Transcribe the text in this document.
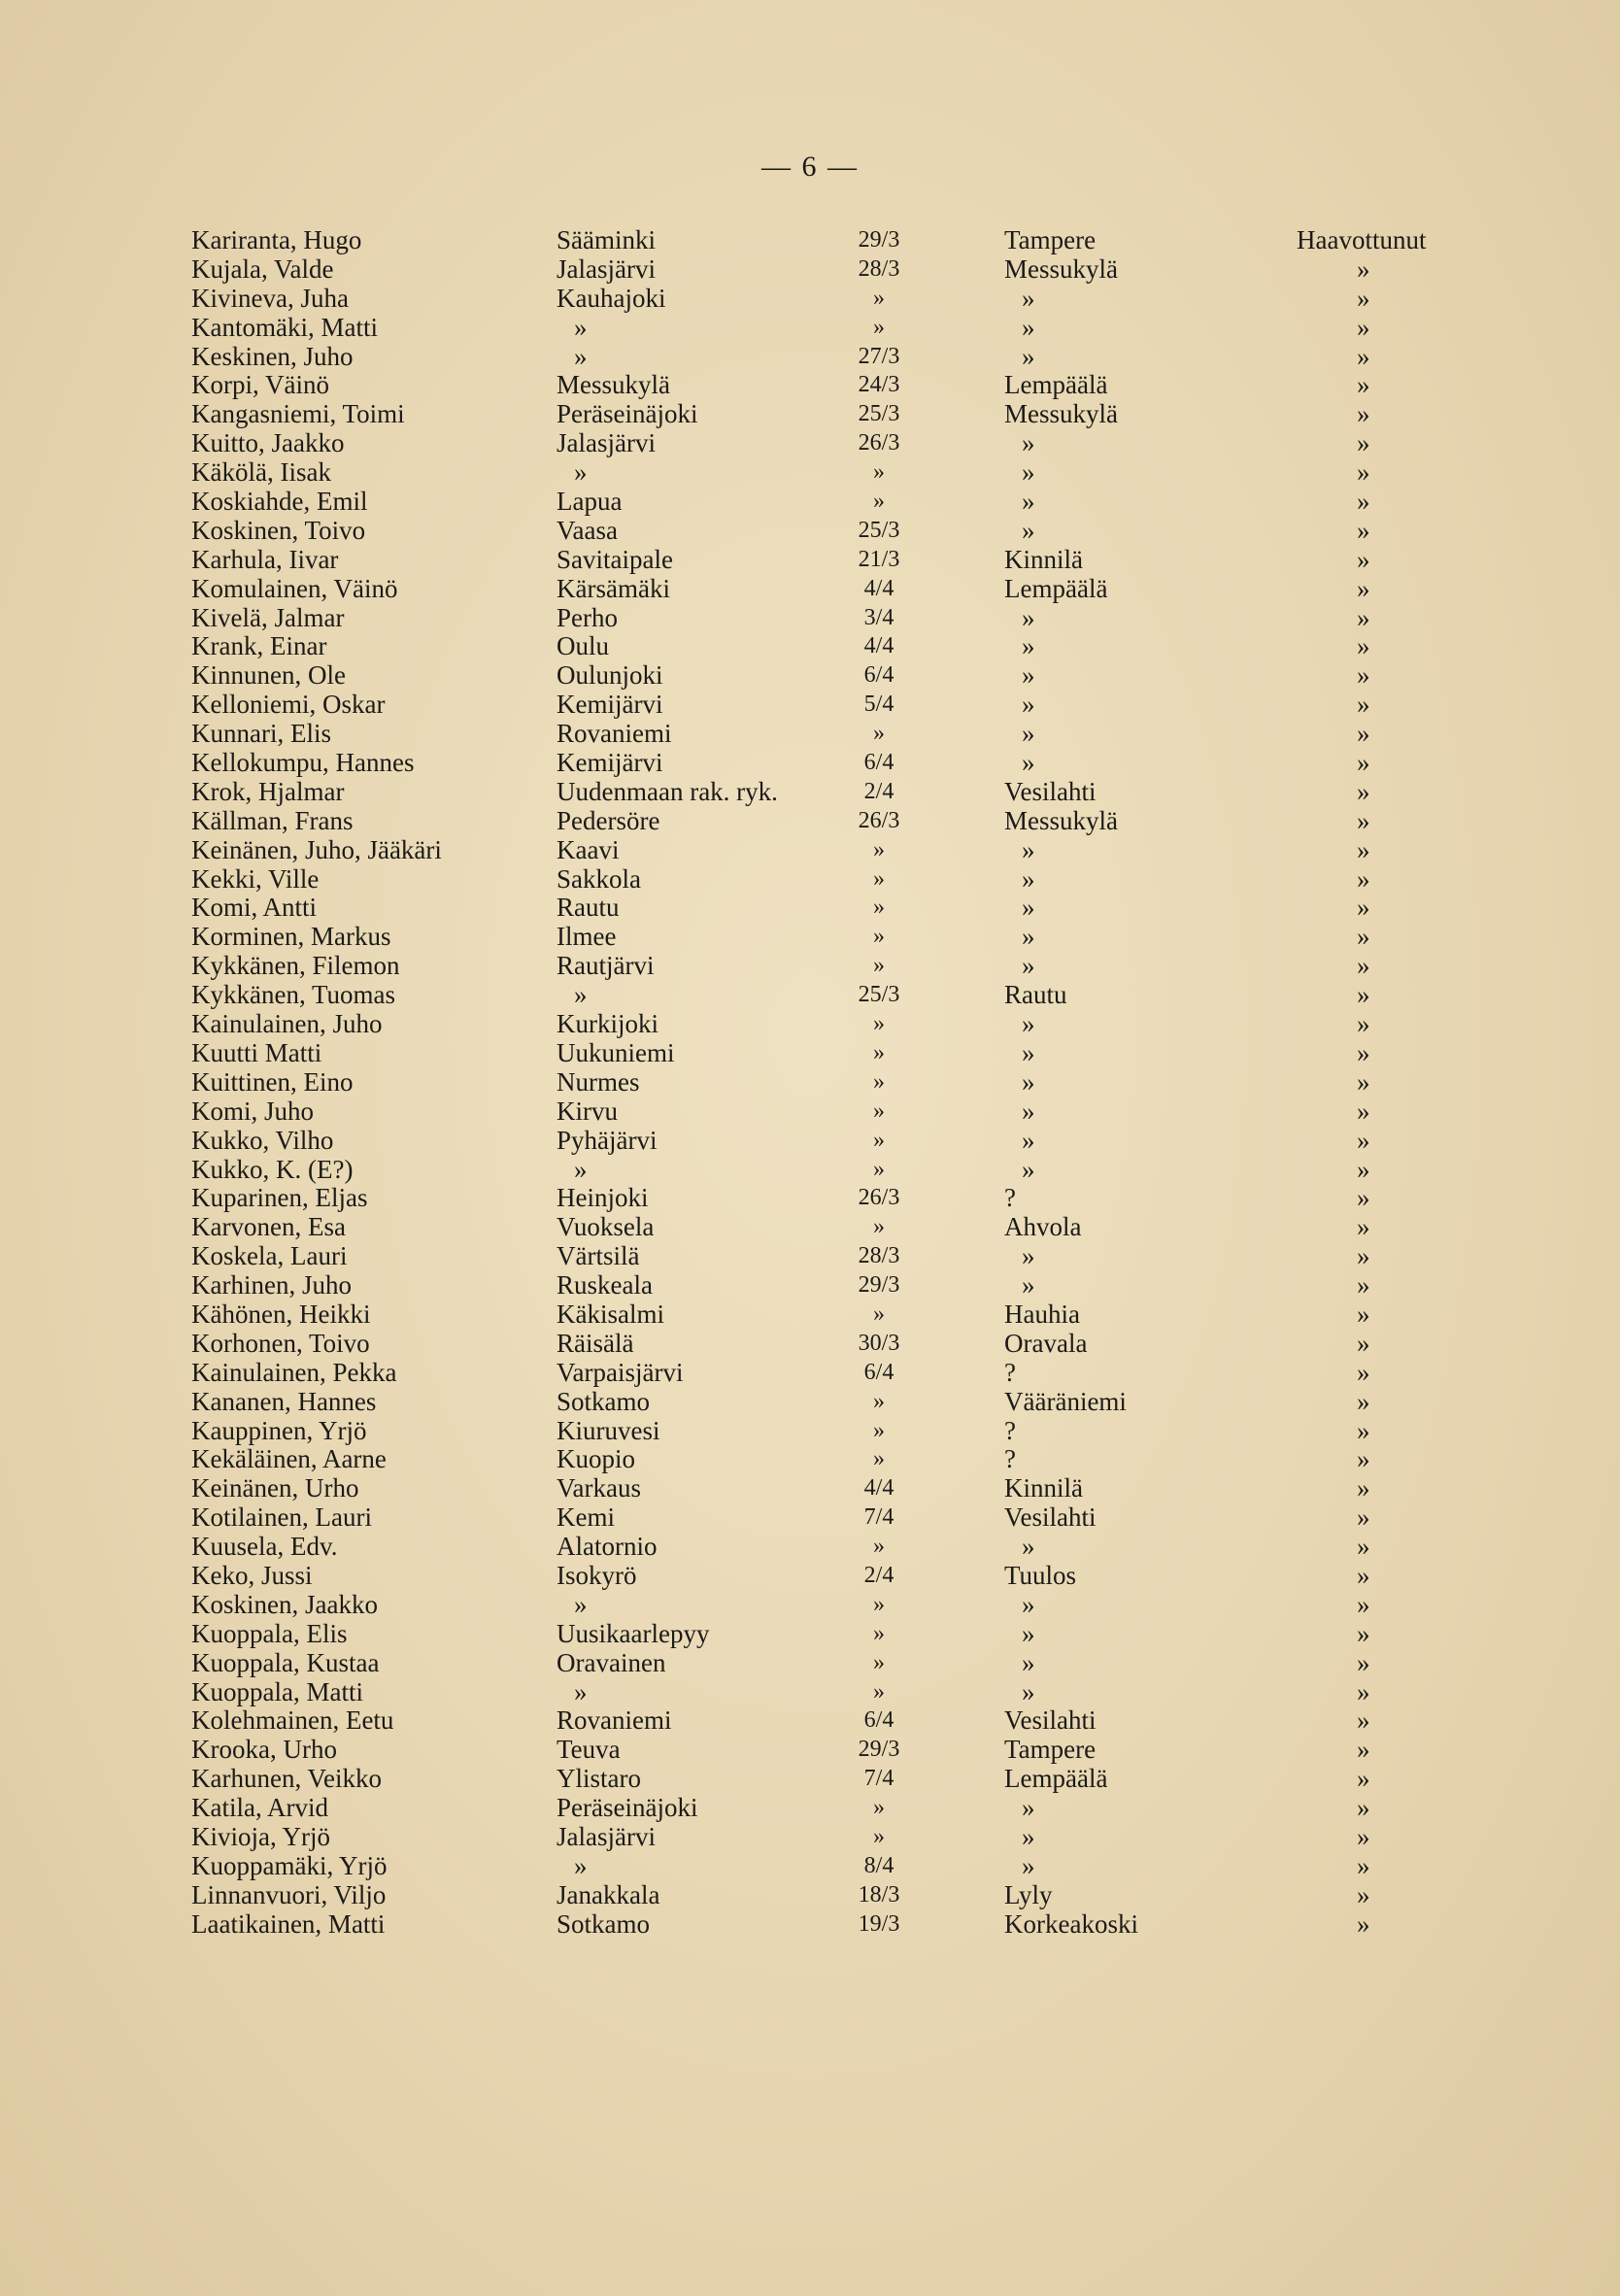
— 6 —
Kariranta, Hugo	Sääminki	29/3	Tampere	Haavottunut
Kujala, Valde	Jalasjärvi	28/3	Messukylä	»
Kivineva, Juha	Kauhajoki	»	»	»
Kantomäki, Matti	»	»	»	»
Keskinen, Juho	»	27/3	»	»
Korpi, Väinö	Messukylä	24/3	Lempäälä	»
Kangasniemi, Toimi	Peräseinäjoki	25/3	Messukylä	»
Kuitto, Jaakko	Jalasjärvi	26/3	»	»
Käkölä, Iisak	»	»	»	»
Koskiahde, Emil	Lapua	»	»	»
Koskinen, Toivo	Vaasa	25/3	»	»
Karhula, Iivar	Savitaipale	21/3	Kinnilä	»
Komulainen, Väinö	Kärsämäki	4/4	Lempäälä	»
Kivelä, Jalmar	Perho	3/4	»	»
Krank, Einar	Oulu	4/4	»	»
Kinnunen, Ole	Oulunjoki	6/4	»	»
Kelloniemi, Oskar	Kemijärvi	5/4	»	»
Kunnari, Elis	Rovaniemi	»	»	»
Kellokumpu, Hannes	Kemijärvi	6/4	»	»
Krok, Hjalmar	Uudenmaan rak. ryk.	2/4	Vesilahti	»
Källman, Frans	Pedersöre	26/3	Messukylä	»
Keinänen, Juho, Jääkäri	Kaavi	»	»	»
Kekki, Ville	Sakkola	»	»	»
Komi, Antti	Rautu	»	»	»
Korminen, Markus	Ilmee	»	»	»
Kykkänen, Filemon	Rautjärvi	»	»	»
Kykkänen, Tuomas	»	25/3	Rautu	»
Kainulainen, Juho	Kurkijoki	»	»	»
Kuutti Matti	Uukuniemi	»	»	»
Kuittinen, Eino	Nurmes	»	»	»
Komi, Juho	Kirvu	»	»	»
Kukko, Vilho	Pyhäjärvi	»	»	»
Kukko, K. (E?)	»	»	»	»
Kuparinen, Eljas	Heinjoki	26/3	?	»
Karvonen, Esa	Vuoksela	»	Ahvola	»
Koskela, Lauri	Värtsilä	28/3	»	»
Karhinen, Juho	Ruskeala	29/3	»	»
Kähönen, Heikki	Käkisalmi	»	Hauhia	»
Korhonen, Toivo	Räisälä	30/3	Oravala	»
Kainulainen, Pekka	Varpaisjärvi	6/4	?	»
Kananen, Hannes	Sotkamo	»	Vääräniemi	»
Kauppinen, Yrjö	Kiuruvesi	»	?	»
Kekäläinen, Aarne	Kuopio	»	?	»
Keinänen, Urho	Varkaus	4/4	Kinnilä	»
Kotilainen, Lauri	Kemi	7/4	Vesilahti	»
Kuusela, Edv.	Alatornio	»	»	»
Keko, Jussi	Isokyrö	2/4	Tuulos	»
Koskinen, Jaakko	»	»	»	»
Kuoppala, Elis	Uusikaarlepyy	»	»	»
Kuoppala, Kustaa	Oravainen	»	»	»
Kuoppala, Matti	»	»	»	»
Kolehmainen, Eetu	Rovaniemi	6/4	Vesilahti	»
Krooka, Urho	Teuva	29/3	Tampere	»
Karhunen, Veikko	Ylistaro	7/4	Lempäälä	»
Katila, Arvid	Peräseinäjoki	»	»	»
Kivioja, Yrjö	Jalasjärvi	»	»	»
Kuoppamäki, Yrjö	»	8/4	»	»
Linnanvuori, Viljo	Janakkala	18/3	Lyly	»
Laatikainen, Matti	Sotkamo	19/3	Korkeakoski	»
